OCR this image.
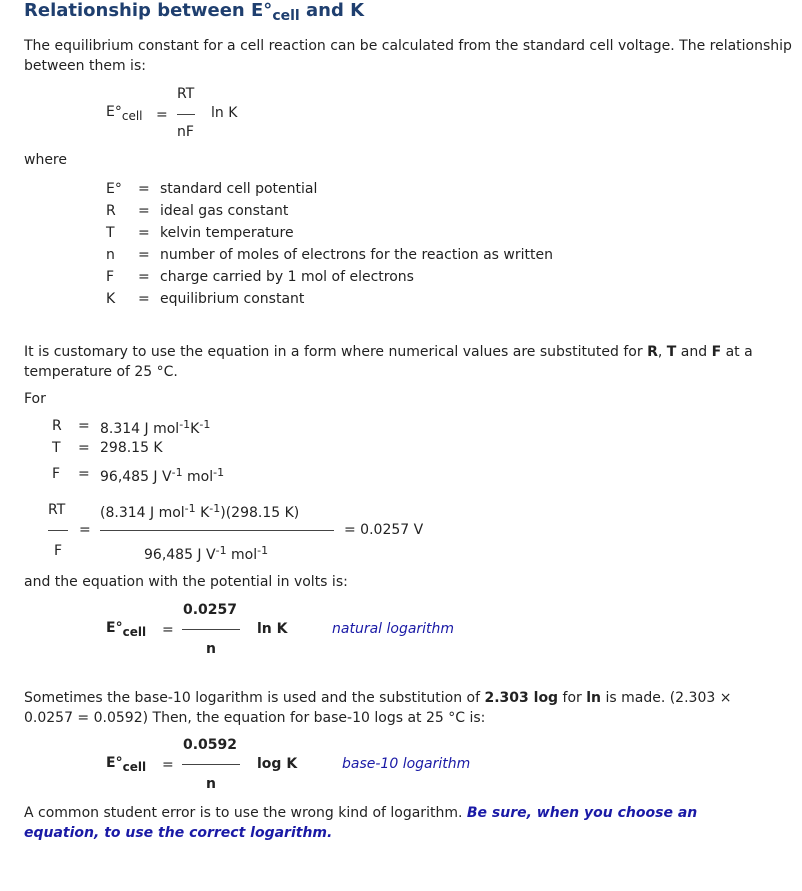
Relationship between $E^\circ_{cell}$ and K
The equilibrium constant for a cell reaction can be calculated from the standard cell voltage. The relationship between them is:
$E^\circ_{cell}$ =
RT
nF
ln K
where
E° = standard cell potential
R = ideal gas constant
T = kelvin temperature
n = number of moles of electrons for the reaction as written
F = charge carried by 1 mol of electrons
K = equilibrium constant
It is customary to use the equation in a form where numerical values are substituted for R, T and F at a temperature of 25 °C.
For
R = 8.314 J $mol^{-1}K^{-1}$
T = 298.15 K
F = 96,485 J $V^{-1}$ mol$^{-1}$
RT
F
=
(8.314 J mol$^{-1}$ $K^{-1})(298.15$ K)
96,485 J $V^{-1}$ mol$^{-1}$
= 0.0257 V
and the equation with the potential in volts is:
$E^\circ_{cell}$ =
0.0257
n
ln K	natural logarithm
Sometimes the base-10 logarithm is used and the substitution of 2.303 log for ln is made. (2.303 × 0.0257 = 0.0592) Then, the equation for base-10 logs at 25 °C is:
$E^\circ_{cell}$ =
0.0592
n
log K	base-10 logarithm
A common student error is to use the wrong kind of logarithm. Be sure, when you choose an equation, to use the correct logarithm.
